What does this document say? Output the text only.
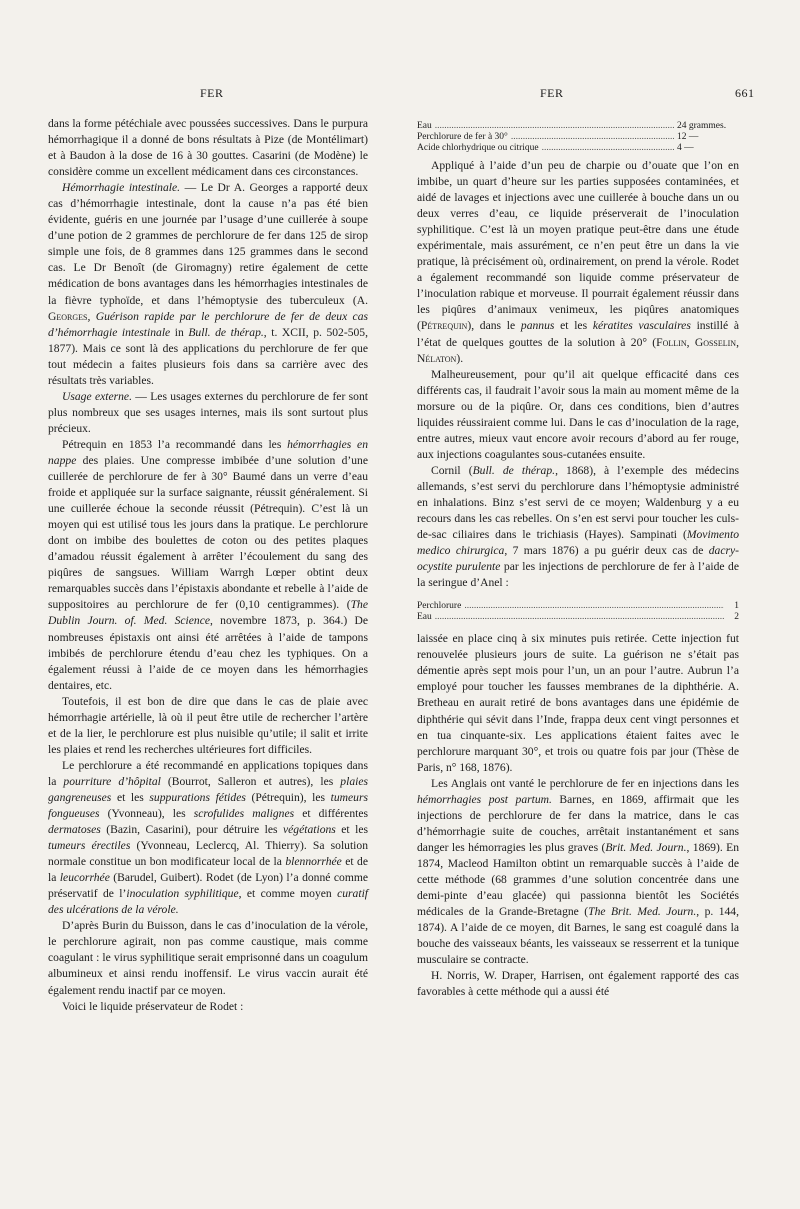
FER	FER	661

dans la forme pétéchiale avec poussées successives. Dans le purpura hémorrhagique il a donné de bons résultats à Pize (de Montélimart) et à Baudon à la dose de 16 à 30 gouttes. Casarini (de Modène) le considère comme un excellent médicament dans ces circonstances.

Hémorrhagie intestinale. — Le Dr A. Georges a rapporté deux cas d’hémorrhagie intestinale, dont la cause n’a pas été bien évidente, guéris en une journée par l’usage d’une cuillerée à soupe d’une potion de 2 grammes de perchlorure de fer dans 125 de sirop simple une fois, de 8 grammes dans 125 grammes dans le second cas. Le Dr Benoît (de Giromagny) retire également de cette médication de bons avantages dans les hémorrhagies intestinales de la fièvre typhoïde, et dans l’hémoptysie des tuberculeux (A. Georges, Guérison rapide par le perchlorure de fer de deux cas d’hémorrhagie intestinale in Bull. de thérap., t. XCII, p. 502-505, 1877). Mais ce sont là des applications du perchlorure de fer que tout médecin a faites plusieurs fois dans sa carrière avec des résultats très variables.

Usage externe. — Les usages externes du perchlorure de fer sont plus nombreux que ses usages internes, mais ils sont surtout plus précieux.

Pétrequin en 1853 l’a recommandé dans les hémorrhagies en nappe des plaies. Une compresse imbibée d’une solution d’une cuillerée de perchlorure de fer à 30° Baumé dans un verre d’eau froide et appliquée sur la surface saignante, réussit généralement. Si une cuillerée échoue la seconde réussit (Pétrequin). C’est là un moyen qui est utilisé tous les jours dans la pratique. Le perchlorure dont on imbibe des boulettes de coton ou des petites plaques d’amadou réussit également à arrêter l’écoulement du sang des piqûres de sangsues. William Warrgh Lœper obtint deux remarquables succès dans l’épistaxis abondante et rebelle à l’aide de suppositoires au perchlorure de fer (0,10 centigrammes). (The Dublin Journ. of. Med. Science, novembre 1873, p. 364.) De nombreuses épistaxis ont ainsi été arrêtées à l’aide de tampons imbibés de perchlorure étendu d’eau chez les typhiques. On a également réussi à l’aide de ce moyen dans les hémorrhagies dentaires, etc.

Toutefois, il est bon de dire que dans le cas de plaie avec hémorrhagie artérielle, là où il peut être utile de rechercher l’artère et de la lier, le perchlorure est plus nuisible qu’utile; il salit et irrite les plaies et rend les recherches ultérieures fort difficiles.

Le perchlorure a été recommandé en applications topiques dans la pourriture d’hôpital (Bourrot, Salleron et autres), les plaies gangreneuses et les suppurations fétides (Pétrequin), les tumeurs fongueuses (Yvonneau), les scrofulides malignes et différentes dermatoses (Bazin, Casarini), pour détruire les végétations et les tumeurs érectiles (Yvonneau, Leclercq, Al. Thierry). Sa solution normale constitue un bon modificateur local de la blennorrhée et de la leucorrhée (Barudel, Guibert). Rodet (de Lyon) l’a donné comme préservatif de l’inoculation syphilitique, et comme moyen curatif des ulcérations de la vérole.

D’après Burin du Buisson, dans le cas d’inoculation de la vérole, le perchlorure agirait, non pas comme caustique, mais comme coagulant : le virus syphilitique serait emprisonné dans un coagulum albumineux et ainsi rendu inoffensif. Le virus vaccin aurait été également rendu inactif par ce moyen.

Voici le liquide préservateur de Rodet :

Eau .....	24 grammes.
Perchlorure de fer à 30° .....	12 —
Acide chlorhydrique ou citrique .....	4 —

Appliqué à l’aide d’un peu de charpie ou d’ouate que l’on en imbibe, un quart d’heure sur les parties supposées contaminées, et aidé de lavages et injections avec une cuillerée à bouche dans un ou deux verres d’eau, ce liquide préserverait de l’inoculation syphilitique. C’est là un moyen pratique peut-être dans une étude expérimentale, mais assurément, ce n’en peut être un dans la vie pratique, là précisément où, ordinairement, on prend la vérole. Rodet a également recommandé son liquide comme préservateur de l’inoculation rabique et morveuse. Il pourrait également réussir dans les piqûres d’animaux venimeux, les piqûres anatomiques (Pétrequin), dans le pannus et les kératites vasculaires instillé à l’état de quelques gouttes de la solution à 20° (Follin, Gosselin, Nélaton).

Malheureusement, pour qu’il ait quelque efficacité dans ces différents cas, il faudrait l’avoir sous la main au moment même de la morsure ou de la piqûre. Or, dans ces conditions, bien d’autres liquides réussiraient comme lui. Dans le cas d’inoculation de la rage, entre autres, mieux vaut encore avoir recours d’abord au fer rouge, aux injections coagulantes sous-cutanées ensuite.

Cornil (Bull. de thérap., 1868), à l’exemple des médecins allemands, s’est servi du perchlorure dans l’hémoptysie administré en inhalations. Binz s’est servi de ce moyen; Waldenburg y a eu recours dans les cas rebelles. On s’en est servi pour toucher les culs-de-sac ciliaires dans le trichiasis (Hayes). Sampinati (Movimento medico chirurgica, 7 mars 1876) a pu guérir deux cas de dacry-ocystite purulente par les injections de perchlorure de fer à l’aide de la seringue d’Anel :

Perchlorure .....	1
Eau .....	2

laissée en place cinq à six minutes puis retirée. Cette injection fut renouvelée plusieurs jours de suite. La guérison ne s’était pas démentie après sept mois pour l’un, un an pour l’autre. Aubrun l’a employé pour toucher les fausses membranes de la diphthérie. A. Bretheau en aurait retiré de bons avantages dans une épidémie de diphthérie qui sévit dans l’Inde, frappa deux cent vingt personnes et en tua cinquante-six. Les applications étaient faites avec le perchlorure marquant 30°, et trois ou quatre fois par jour (Thèse de Paris, n° 168, 1876).

Les Anglais ont vanté le perchlorure de fer en injections dans les hémorrhagies post partum. Barnes, en 1869, affirmait que les injections de perchlorure de fer dans la matrice, dans le cas d’hémorrhagie suite de couches, arrêtait instantanément et sans danger les hémorragies les plus graves (Brit. Med. Journ., 1869). En 1874, Macleod Hamilton obtint un remarquable succès à l’aide de cette méthode (68 grammes d’une solution concentrée dans une demi-pinte d’eau glacée) qui passionna bientôt les Sociétés médicales de la Grande-Bretagne (The Brit. Med. Journ., p. 144, 1874). A l’aide de ce moyen, dit Barnes, le sang est coagulé dans la bouche des vaisseaux béants, les vaisseaux se resserrent et la tunique musculaire se contracte.

H. Norris, W. Draper, Harrisen, ont également rapporté des cas favorables à cette méthode qui a aussi été
